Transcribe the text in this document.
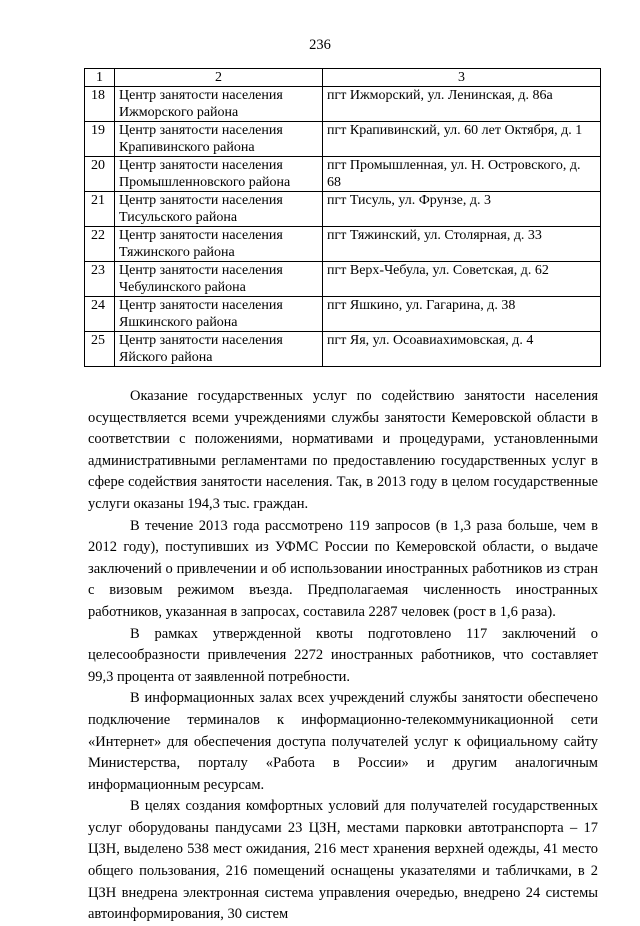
236
1	2	3
18	Центр занятости населения Ижморского района	пгт Ижморский, ул. Ленинская, д. 86а
19	Центр занятости населения Крапивинского района	пгт Крапивинский, ул. 60 лет Октября, д. 1
20	Центр занятости населения Промышленновского района	пгт Промышленная, ул. Н. Островского, д. 68
21	Центр занятости населения Тисульского района	пгт Тисуль, ул. Фрунзе, д. 3
22	Центр занятости населения Тяжинского района	пгт Тяжинский, ул. Столярная, д. 33
23	Центр занятости населения Чебулинского района	пгт Верх-Чебула, ул. Советская, д. 62
24	Центр занятости населения Яшкинского района	пгт Яшкино, ул. Гагарина, д. 38
25	Центр занятости населения Яйского района	пгт Яя, ул. Осоавиахимовская, д. 4

Оказание государственных услуг по содействию занятости населения осуществляется всеми учреждениями службы занятости Кемеровской области в соответствии с положениями, нормативами и процедурами, установленными административными регламентами по предоставлению государственных услуг в сфере содействия занятости населения. Так, в 2013 году в целом государственные услуги оказаны 194,3 тыс. граждан.

В течение 2013 года рассмотрено 119 запросов (в 1,3 раза больше, чем в 2012 году), поступивших из УФМС России по Кемеровской области, о выдаче заключений о привлечении и об использовании иностранных работников из стран с визовым режимом въезда. Предполагаемая численность иностранных работников, указанная в запросах, составила 2287 человек (рост в 1,6 раза).

В рамках утвержденной квоты подготовлено 117 заключений о целесообразности привлечения 2272 иностранных работников, что составляет 99,3 процента от заявленной потребности.

В информационных залах всех учреждений службы занятости обеспечено подключение терминалов к информационно-телекоммуникационной сети «Интернет» для обеспечения доступа получателей услуг к официальному сайту Министерства, порталу «Работа в России» и другим аналогичным информационным ресурсам.

В целях создания комфортных условий для получателей государственных услуг оборудованы пандусами 23 ЦЗН, местами парковки автотранспорта – 17 ЦЗН, выделено 538 мест ожидания, 216 мест хранения верхней одежды, 41 место общего пользования, 216 помещений оснащены указателями и табличками, в 2 ЦЗН внедрена электронная система управления очередью, внедрено 24 системы автоинформирования, 30 систем
